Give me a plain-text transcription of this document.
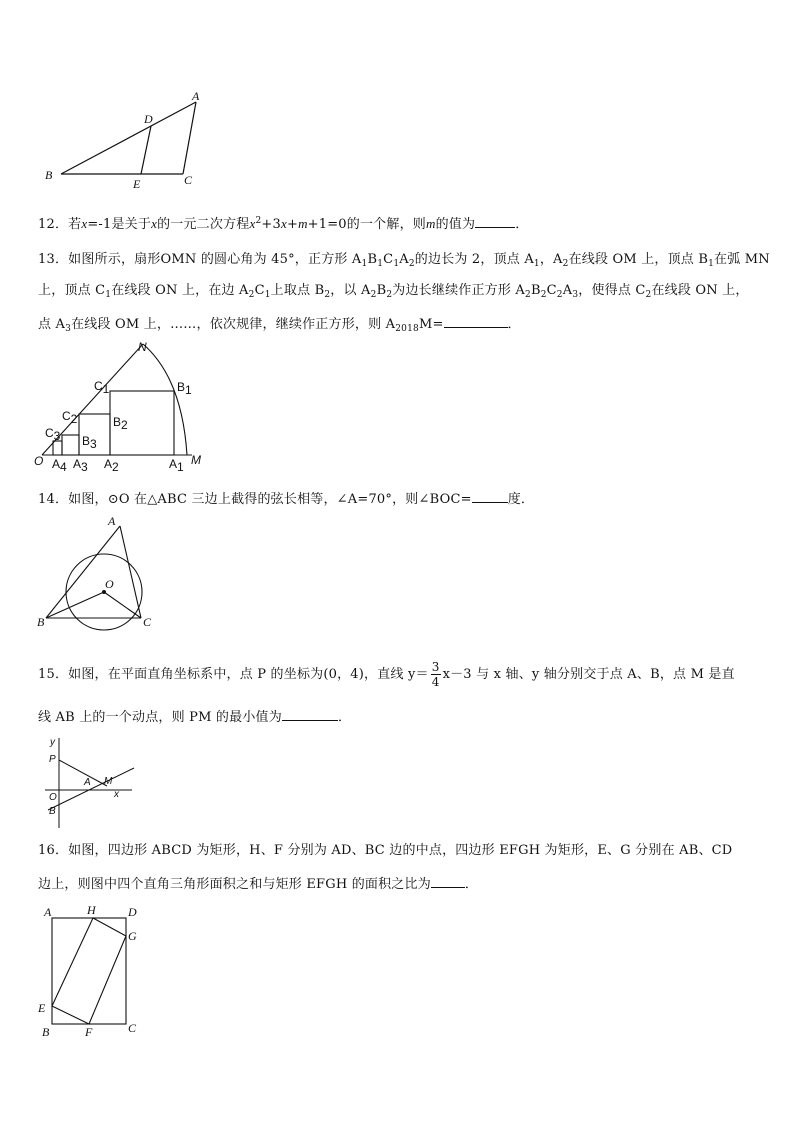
A
B	C
D
E
12．若x=-1是关于x的一元二次方程$x^2+3x+m+1=0$的一个解，则m的值为	．
13．如图所示，扇形OMN 的圆心角为 45°，正方形 $A_1B_1C_1A_2$的边长为 2，顶点 $A_1$，$A_2$在线段 OM 上，顶点 $B_1$在弧 MN
上，顶点 $C_1$在线段 ON 上，在边 $A_2C_1$上取点 $B_2$，以 $A_2B_2$为边长继续作正方形 $A_2B_2C_2A_3$，使得点 $C_2$在线段 ON 上，
点 $A_3$在线段 OM 上，……，依次规律，继续作正方形，则 $A_{2018}M=$	．
N
O	M
C1	B1
C2	B2
C3 B3
A4 A3 A2	A1
14．如图，⊙O 在△ABC 三边上截得的弦长相等，∠A=70°，则∠BOC=	度．
A
O
B	C
15．如图，在平面直角坐标系中，点 P 的坐标为(0，4)，直线 $y= \frac{3}{4} x-3$ 与 x 轴、y 轴分别交于点 A、B，点 M 是直
线 AB 上的一个动点，则 PM 的最小值为	．
y
P
A M
O	x
B
16．如图，四边形 ABCD 为矩形，H、F 分别为 AD、BC 边的中点，四边形 EFGH 为矩形，E、G 分别在 AB、CD
边上，则图中四个直角三角形面积之和与矩形 EFGH 的面积之比为	．
A	H	D
G
E
B	F	C
